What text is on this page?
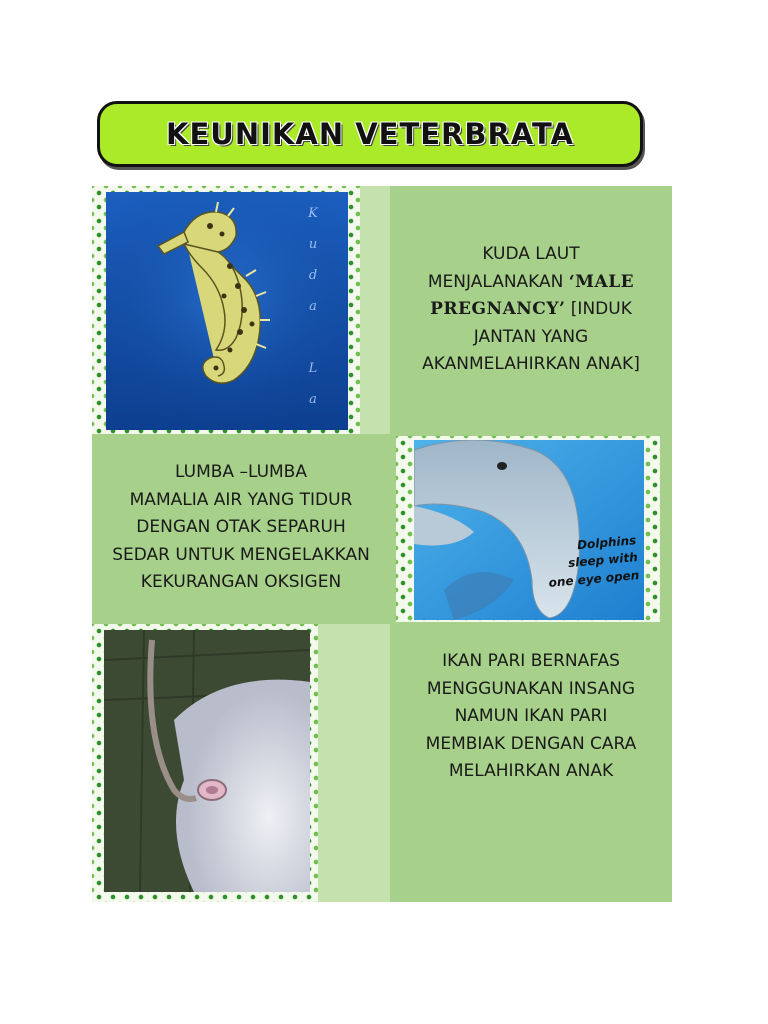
KEUNIKAN VETERBRATA
K
u
d
a

L
a
KUDA LAUT
MENJALANAKAN ‘MALE
PREGNANCY’ [INDUK
JANTAN YANG
AKANMELAHIRKAN ANAK]
LUMBA –LUMBA
MAMALIA AIR YANG TIDUR
DENGAN OTAK SEPARUH
SEDAR UNTUK MENGELAKKAN
KEKURANGAN OKSIGEN
Dolphins
sleep with
one eye open
IKAN PARI BERNAFAS
MENGGUNAKAN INSANG
NAMUN IKAN PARI
MEMBIAK DENGAN CARA
MELAHIRKAN ANAK
